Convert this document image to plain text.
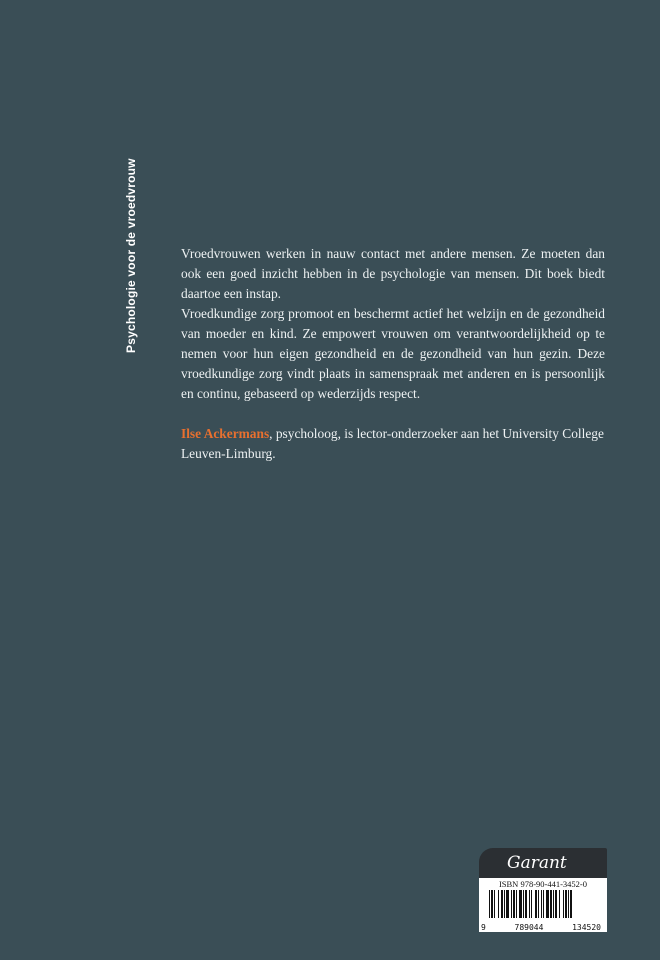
Psychologie voor de vroedvrouw	Vroedvrouwen werken in nauw contact met andere mensen. Ze moeten dan ook een goed inzicht hebben in de psychologie van mensen. Dit boek biedt daartoe een instap.

Vroedkundige zorg promoot en beschermt actief het welzijn en de gezondheid van moeder en kind. Ze empowert vrouwen om verantwoordelijkheid op te nemen voor hun eigen gezondheid en de gezondheid van hun gezin. Deze vroedkundige zorg vindt plaats in samenspraak met anderen en is persoonlijk en continu, gebaseerd op wederzijds respect.

Ilse Ackermans, psycholoog, is lector-onderzoeker aan het University College Leuven-Limburg.

Garant
ISBN 978-90-441-3452-0
9	789044	134520
